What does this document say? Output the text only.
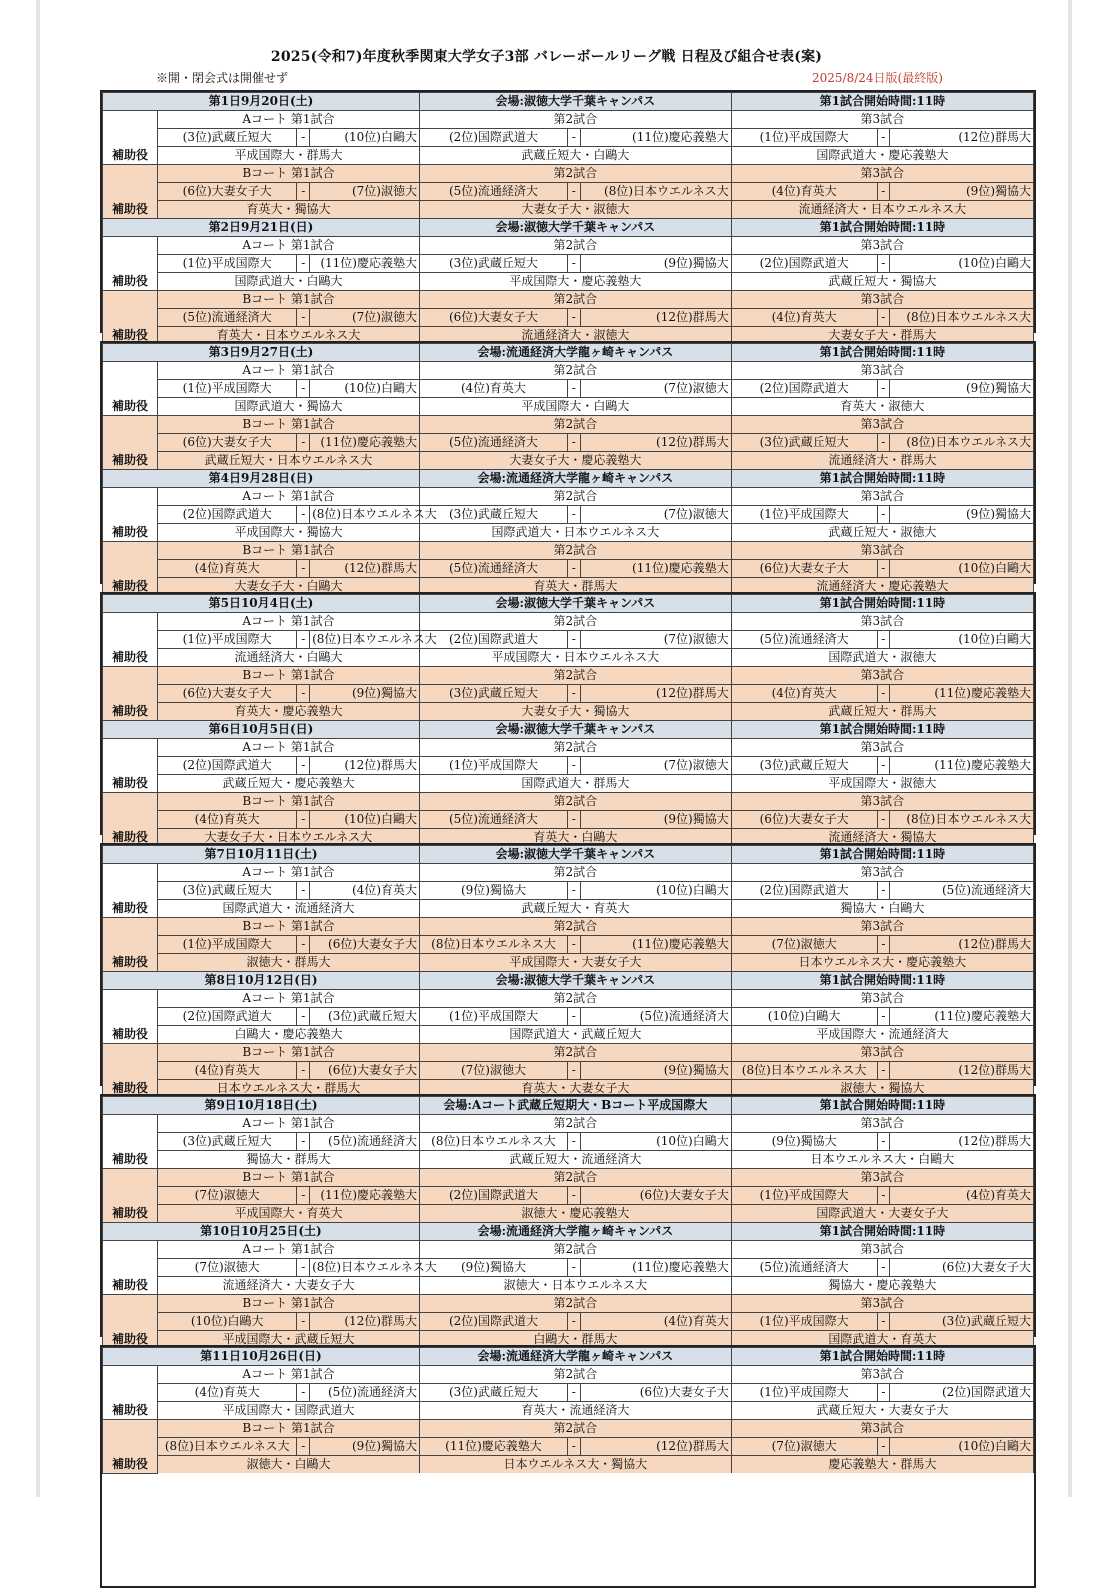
2025(令和7)年度秋季関東大学女子3部 バレーボールリーグ戦 日程及び組合せ表(案)
※開・閉会式は開催せず	2025/8/24日版(最終版)
第1日9月20日(土)				会場:淑徳大学千葉キャンパス			第1試合開始時間:11時		
補助役	Aコート 第1試合			第2試合			第3試合		
	(3位)武蔵丘短大	-	(10位)白鷗大	(2位)国際武道大	-	(11位)慶応義塾大	(1位)平成国際大	-	(12位)群馬大
	平成国際大・群馬大			武蔵丘短大・白鷗大			国際武道大・慶応義塾大		
補助役	Bコート 第1試合			第2試合			第3試合		
	(6位)大妻女子大	-	(7位)淑徳大	(5位)流通経済大	-	(8位)日本ウエルネス大	(4位)育英大	-	(9位)獨協大
	育英大・獨協大			大妻女子大・淑徳大			流通経済大・日本ウエルネス大		
第2日9月21日(日)				会場:淑徳大学千葉キャンパス			第1試合開始時間:11時		
補助役	Aコート 第1試合			第2試合			第3試合		
	(1位)平成国際大	-	(11位)慶応義塾大	(3位)武蔵丘短大	-	(9位)獨協大	(2位)国際武道大	-	(10位)白鷗大
	国際武道大・白鷗大			平成国際大・慶応義塾大			武蔵丘短大・獨協大		
補助役	Bコート 第1試合			第2試合			第3試合		
	(5位)流通経済大	-	(7位)淑徳大	(6位)大妻女子大	-	(12位)群馬大	(4位)育英大	-	(8位)日本ウエルネス大
	育英大・日本ウエルネス大			流通経済大・淑徳大			大妻女子大・群馬大		
第3日9月27日(土)				会場:流通経済大学龍ヶ崎キャンパス			第1試合開始時間:11時		
補助役	Aコート 第1試合			第2試合			第3試合		
	(1位)平成国際大	-	(10位)白鷗大	(4位)育英大	-	(7位)淑徳大	(2位)国際武道大	-	(9位)獨協大
	国際武道大・獨協大			平成国際大・白鷗大			育英大・淑徳大		
補助役	Bコート 第1試合			第2試合			第3試合		
	(6位)大妻女子大	-	(11位)慶応義塾大	(5位)流通経済大	-	(12位)群馬大	(3位)武蔵丘短大	-	(8位)日本ウエルネス大
	武蔵丘短大・日本ウエルネス大			大妻女子大・慶応義塾大			流通経済大・群馬大		
第4日9月28日(日)				会場:流通経済大学龍ヶ崎キャンパス			第1試合開始時間:11時		
補助役	Aコート 第1試合			第2試合			第3試合		
	(2位)国際武道大	-	(8位)日本ウエルネス大	(3位)武蔵丘短大	-	(7位)淑徳大	(1位)平成国際大	-	(9位)獨協大
	平成国際大・獨協大			国際武道大・日本ウエルネス大			武蔵丘短大・淑徳大		
補助役	Bコート 第1試合			第2試合			第3試合		
	(4位)育英大	-	(12位)群馬大	(5位)流通経済大	-	(11位)慶応義塾大	(6位)大妻女子大	-	(10位)白鷗大
	大妻女子大・白鷗大			育英大・群馬大			流通経済大・慶応義塾大		
第5日10月4日(土)				会場:淑徳大学千葉キャンパス			第1試合開始時間:11時		
補助役	Aコート 第1試合			第2試合			第3試合		
	(1位)平成国際大	-	(8位)日本ウエルネス大	(2位)国際武道大	-	(7位)淑徳大	(5位)流通経済大	-	(10位)白鷗大
	流通経済大・白鷗大			平成国際大・日本ウエルネス大			国際武道大・淑徳大		
補助役	Bコート 第1試合			第2試合			第3試合		
	(6位)大妻女子大	-	(9位)獨協大	(3位)武蔵丘短大	-	(12位)群馬大	(4位)育英大	-	(11位)慶応義塾大
	育英大・慶応義塾大			大妻女子大・獨協大			武蔵丘短大・群馬大		
第6日10月5日(日)				会場:淑徳大学千葉キャンパス			第1試合開始時間:11時		
補助役	Aコート 第1試合			第2試合			第3試合		
	(2位)国際武道大	-	(12位)群馬大	(1位)平成国際大	-	(7位)淑徳大	(3位)武蔵丘短大	-	(11位)慶応義塾大
	武蔵丘短大・慶応義塾大			国際武道大・群馬大			平成国際大・淑徳大		
補助役	Bコート 第1試合			第2試合			第3試合		
	(4位)育英大	-	(10位)白鷗大	(5位)流通経済大	-	(9位)獨協大	(6位)大妻女子大	-	(8位)日本ウエルネス大
	大妻女子大・日本ウエルネス大			育英大・白鷗大			流通経済大・獨協大		
第7日10月11日(土)				会場:淑徳大学千葉キャンパス			第1試合開始時間:11時		
補助役	Aコート 第1試合			第2試合			第3試合		
	(3位)武蔵丘短大	-	(4位)育英大	(9位)獨協大	-	(10位)白鷗大	(2位)国際武道大	-	(5位)流通経済大
	国際武道大・流通経済大			武蔵丘短大・育英大			獨協大・白鷗大		
補助役	Bコート 第1試合			第2試合			第3試合		
	(1位)平成国際大	-	(6位)大妻女子大	(8位)日本ウエルネス大	-	(11位)慶応義塾大	(7位)淑徳大	-	(12位)群馬大
	淑徳大・群馬大			平成国際大・大妻女子大			日本ウエルネス大・慶応義塾大		
第8日10月12日(日)				会場:淑徳大学千葉キャンパス			第1試合開始時間:11時		
補助役	Aコート 第1試合			第2試合			第3試合		
	(2位)国際武道大	-	(3位)武蔵丘短大	(1位)平成国際大	-	(5位)流通経済大	(10位)白鷗大	-	(11位)慶応義塾大
	白鷗大・慶応義塾大			国際武道大・武蔵丘短大			平成国際大・流通経済大		
補助役	Bコート 第1試合			第2試合			第3試合		
	(4位)育英大	-	(6位)大妻女子大	(7位)淑徳大	-	(9位)獨協大	(8位)日本ウエルネス大	-	(12位)群馬大
	日本ウエルネス大・群馬大			育英大・大妻女子大			淑徳大・獨協大		
第9日10月18日(土)				会場:Aコート武蔵丘短期大・Bコート平成国際大			第1試合開始時間:11時		
補助役	Aコート 第1試合			第2試合			第3試合		
	(3位)武蔵丘短大	-	(5位)流通経済大	(8位)日本ウエルネス大	-	(10位)白鷗大	(9位)獨協大	-	(12位)群馬大
	獨協大・群馬大			武蔵丘短大・流通経済大			日本ウエルネス大・白鷗大		
補助役	Bコート 第1試合			第2試合			第3試合		
	(7位)淑徳大	-	(11位)慶応義塾大	(2位)国際武道大	-	(6位)大妻女子大	(1位)平成国際大	-	(4位)育英大
	平成国際大・育英大			淑徳大・慶応義塾大			国際武道大・大妻女子大		
第10日10月25日(土)				会場:流通経済大学龍ヶ崎キャンパス			第1試合開始時間:11時		
補助役	Aコート 第1試合			第2試合			第3試合		
	(7位)淑徳大	-	(8位)日本ウエルネス大	(9位)獨協大	-	(11位)慶応義塾大	(5位)流通経済大	-	(6位)大妻女子大
	流通経済大・大妻女子大			淑徳大・日本ウエルネス大			獨協大・慶応義塾大		
補助役	Bコート 第1試合			第2試合			第3試合		
	(10位)白鷗大	-	(12位)群馬大	(2位)国際武道大	-	(4位)育英大	(1位)平成国際大	-	(3位)武蔵丘短大
	平成国際大・武蔵丘短大			白鷗大・群馬大			国際武道大・育英大		
第11日10月26日(日)				会場:流通経済大学龍ヶ崎キャンパス			第1試合開始時間:11時		
補助役	Aコート 第1試合			第2試合			第3試合		
	(4位)育英大	-	(5位)流通経済大	(3位)武蔵丘短大	-	(6位)大妻女子大	(1位)平成国際大	-	(2位)国際武道大
	平成国際大・国際武道大			育英大・流通経済大			武蔵丘短大・大妻女子大		
補助役	Bコート 第1試合			第2試合			第3試合		
	(8位)日本ウエルネス大	-	(9位)獨協大	(11位)慶応義塾大	-	(12位)群馬大	(7位)淑徳大	-	(10位)白鷗大
	淑徳大・白鷗大			日本ウエルネス大・獨協大			慶応義塾大・群馬大		
